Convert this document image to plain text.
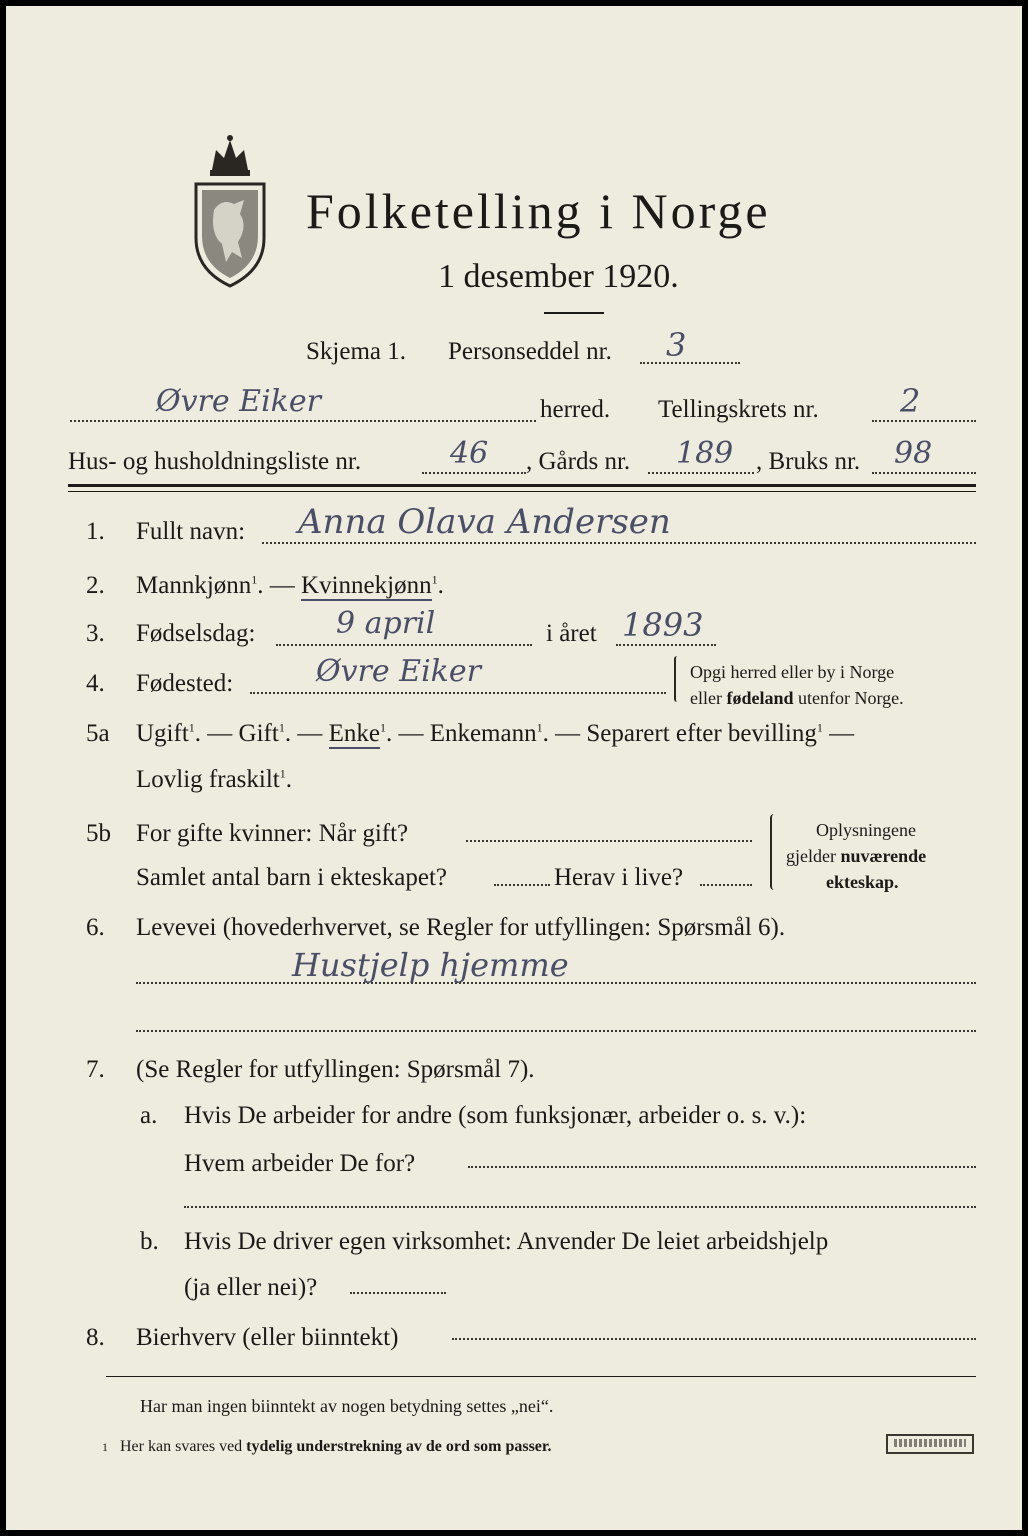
Folketelling i Norge
1 desember 1920.
Skjema 1. Personseddel nr. 3
Øvre Eiker	herred. Tellingskrets nr.	2
Hus- og husholdningsliste nr.	46 , Gårds nr. 189 , Bruks nr. 98
1. Fullt navn: Anna Olava Andersen
2. Mannkjønn$^1$. — Kvinnekjønn$^1$.
3. Fødselsdag:	9 april	i året 1893
4. Fødested:	Øvre Eiker	Opgi herred eller by i Norge
eller fødeland utenfor Norge.
5a Ugift$^1$. — Gift$^1$. — Enke$^1$. — Enkemann$^1$. — Separert efter bevilling$^1$ —
Lovlig fraskilt$^1$.
5b For gifte kvinner: Når gift?
Samlet antal barn i ekteskapet?	Herav i live?
Oplysningene
gjelder nuværende
ekteskap.
6. Levevei (hovederhvervet, se Regler for utfyllingen: Spørsmål 6).
Hustjelp hjemme
7. (Se Regler for utfyllingen: Spørsmål 7).
a. Hvis De arbeider for andre (som funksjonær, arbeider o. s. v.):
Hvem arbeider De for?
b. Hvis De driver egen virksomhet: Anvender De leiet arbeidshjelp
(ja eller nei)?
8. Bierhverv (eller biinntekt)
Har man ingen biinntekt av nogen betydning settes „nei“.
1 Her kan svares ved tydelig understrekning av de ord som passer.
